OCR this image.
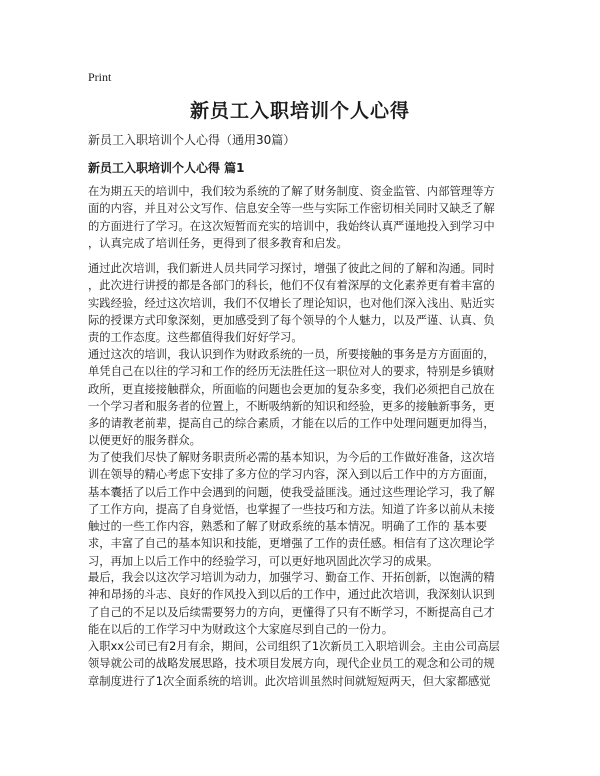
Print
新员工入职培训个人心得

新员工入职培训个人心得（通用30篇）

新员工入职培训个人心得 篇1
在为期五天的培训中，我们较为系统的了解了财务制度、资金监管、内部管理等方
面的内容，并且对公文写作、信息安全等一些与实际工作密切相关同时又缺乏了解
的方面进行了学习。在这次短暂而充实的培训中，我始终认真严谨地投入到学习中
，认真完成了培训任务，更得到了很多教育和启发。
通过此次培训，我们新进人员共同学习探讨，增强了彼此之间的了解和沟通。同时
，此次进行讲授的都是各部门的科长，他们不仅有着深厚的文化素养更有着丰富的
实践经验，经过这次培训，我们不仅增长了理论知识，也对他们深入浅出、贴近实
际的授课方式印象深刻，更加感受到了每个领导的个人魅力，以及严谨、认真、负
责的工作态度。这些都值得我们好好学习。
通过这次的培训，我认识到作为财政系统的一员，所要接触的事务是方方面面的，
单凭自己在以往的学习和工作的经历无法胜任这一职位对人的要求，特别是乡镇财
政所，更直接接触群众，所面临的问题也会更加的复杂多变，我们必须把自己放在
一个学习者和服务者的位置上，不断吸纳新的知识和经验，更多的接触新事务，更
多的请教老前辈，提高自己的综合素质，才能在以后的工作中处理问题更加得当，
以便更好的服务群众。
为了使我们尽快了解财务职责所必需的基本知识，为今后的工作做好准备，这次培
训在领导的精心考虑下安排了多方位的学习内容，深入到以后工作中的方方面面，
基本囊括了以后工作中会遇到的问题，使我受益匪浅。通过这些理论学习，我了解
了工作方向，提高了自身觉悟，也掌握了一些技巧和方法。知道了许多以前从未接
触过的一些工作内容，熟悉和了解了财政系统的基本情况。明确了工作的 基本要
求，丰富了自己的基本知识和技能，更增强了工作的责任感。相信有了这次理论学
习，再加上以后工作中的经验学习，可以更好地巩固此次学习的成果。
最后，我会以这次学习培训为动力，加强学习、勤奋工作、开拓创新，以饱满的精
神和昂扬的斗志、良好的作风投入到以后的工作中，通过此次培训，我深刻认识到
了自己的不足以及后续需要努力的方向，更懂得了只有不断学习，不断提高自己才
能在以后的工作学习中为财政这个大家庭尽到自己的一份力。
入职xx公司已有2月有余，期间，公司组织了1次新员工入职培训会。主由公司高层
领导就公司的战略发展思路，技术项目发展方向，现代企业员工的观念和公司的规
章制度进行了1次全面系统的培训。此次培训虽然时间就短短两天，但大家都感觉
